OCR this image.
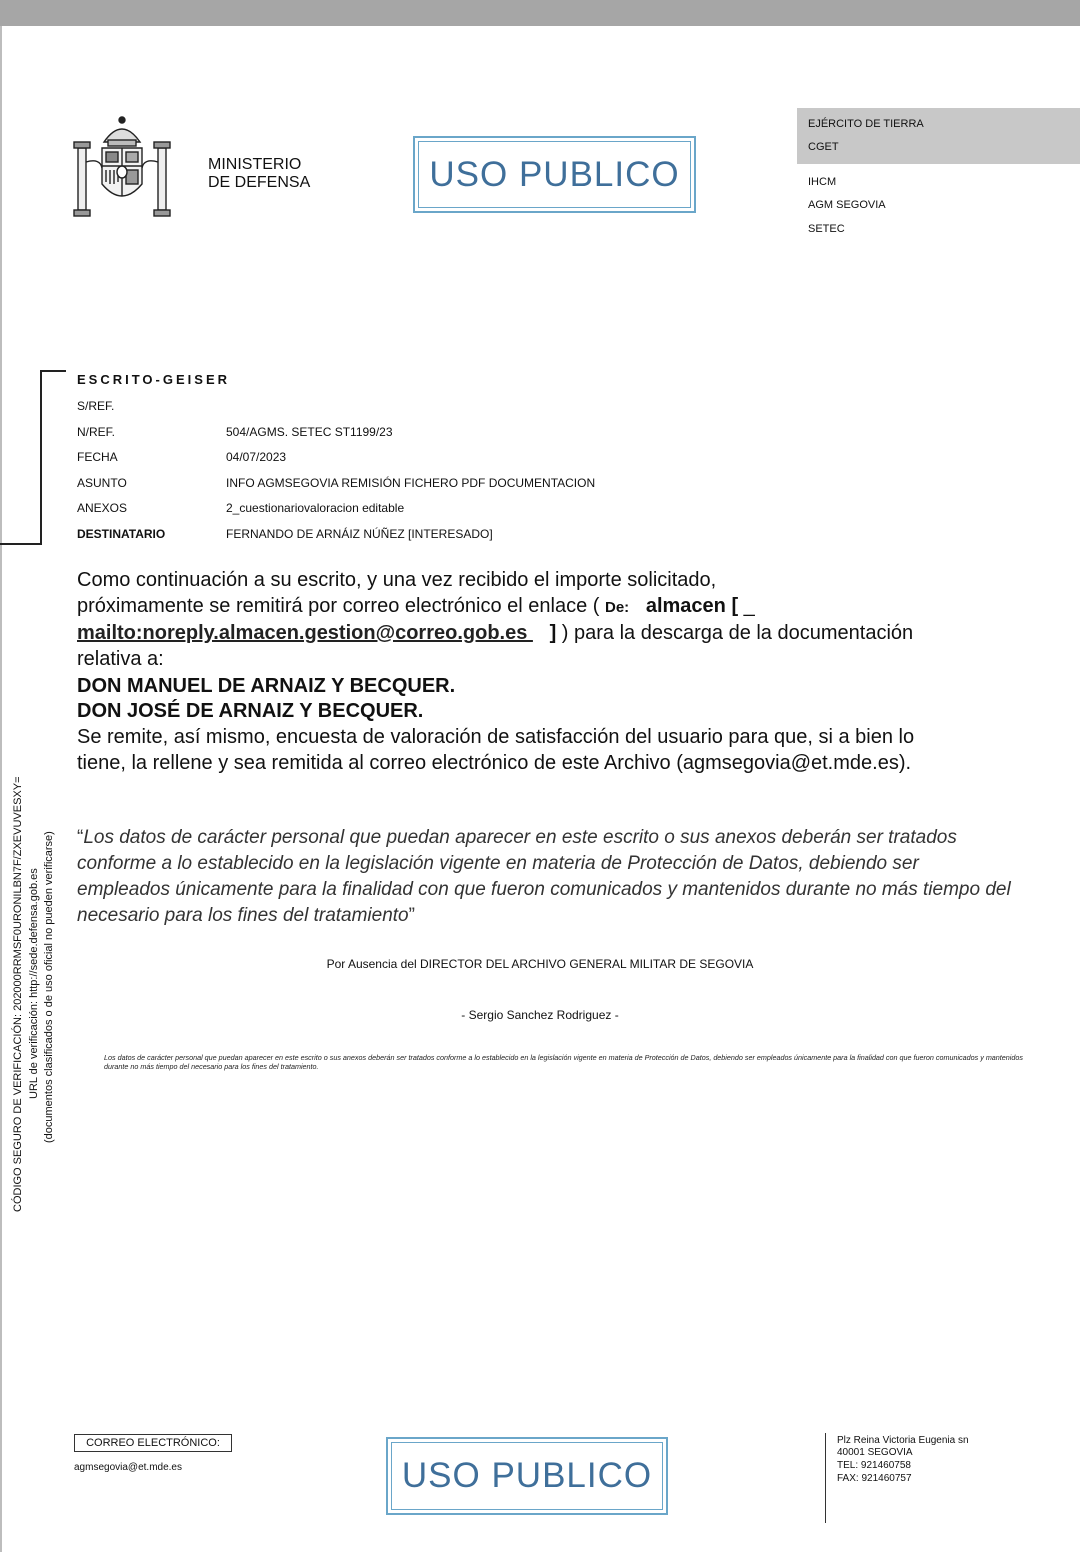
MINISTERIO
DE DEFENSA	USO PUBLICO
EJÉRCITO DE TIERRA
CGET
IHCM
AGM SEGOVIA
SETEC
ESCRITO-GEISER
S/REF.
N/REF.	504/AGMS. SETEC ST1199/23
FECHA	04/07/2023
ASUNTO	INFO AGMSEGOVIA REMISIÓN FICHERO PDF DOCUMENTACION
ANEXOS	2_cuestionariovaloracion editable
DESTINATARIO	FERNANDO DE ARNÁIZ NÚÑEZ [INTERESADO]
Como continuación a su escrito, y una vez recibido el importe solicitado,
próximamente se remitirá por correo electrónico el enlace ( De: almacen [ _
mailto:noreply.almacen.gestion@correo.gob.es    ] ) para la descarga de la documentación
relativa a:
DON MANUEL DE ARNAIZ Y BECQUER.
DON JOSÉ DE ARNAIZ Y BECQUER.
Se remite, así mismo, encuesta de valoración de satisfacción del usuario para que, si a bien lo
tiene, la rellene y sea remitida al correo electrónico de este Archivo (agmsegovia@et.mde.es).
“Los datos de carácter personal que puedan aparecer en este escrito o sus anexos deberán ser tratados conforme a lo establecido en la legislación vigente en materia de Protección de Datos, debiendo ser empleados únicamente para la finalidad con que fueron comunicados y mantenidos durante no más tiempo del necesario para los fines del tratamiento”
Por Ausencia del DIRECTOR DEL ARCHIVO GENERAL MILITAR DE SEGOVIA
- Sergio Sanchez Rodriguez -
Los datos de carácter personal que puedan aparecer en este escrito o sus anexos deberán ser tratados conforme a lo establecido en la legislación vigente en materia de Protección de Datos, debiendo ser empleados únicamente para la finalidad con que fueron comunicados y mantenidos durante no más tiempo del necesario para los fines del tratamiento.
CÓDIGO SEGURO DE VERIFICACIÓN: 202000RRMSF0URONILBN7F/ZXEVUVESXY= URL de verificación: http://sede.defensa.gob.es (documentos clasificados o de uso oficial no pueden verificarse)
CORREO ELECTRÓNICO:
agmsegovia@et.mde.es	USO PUBLICO
Plz Reina Victoria Eugenia sn
40001 SEGOVIA
TEL: 921460758
FAX: 921460757
